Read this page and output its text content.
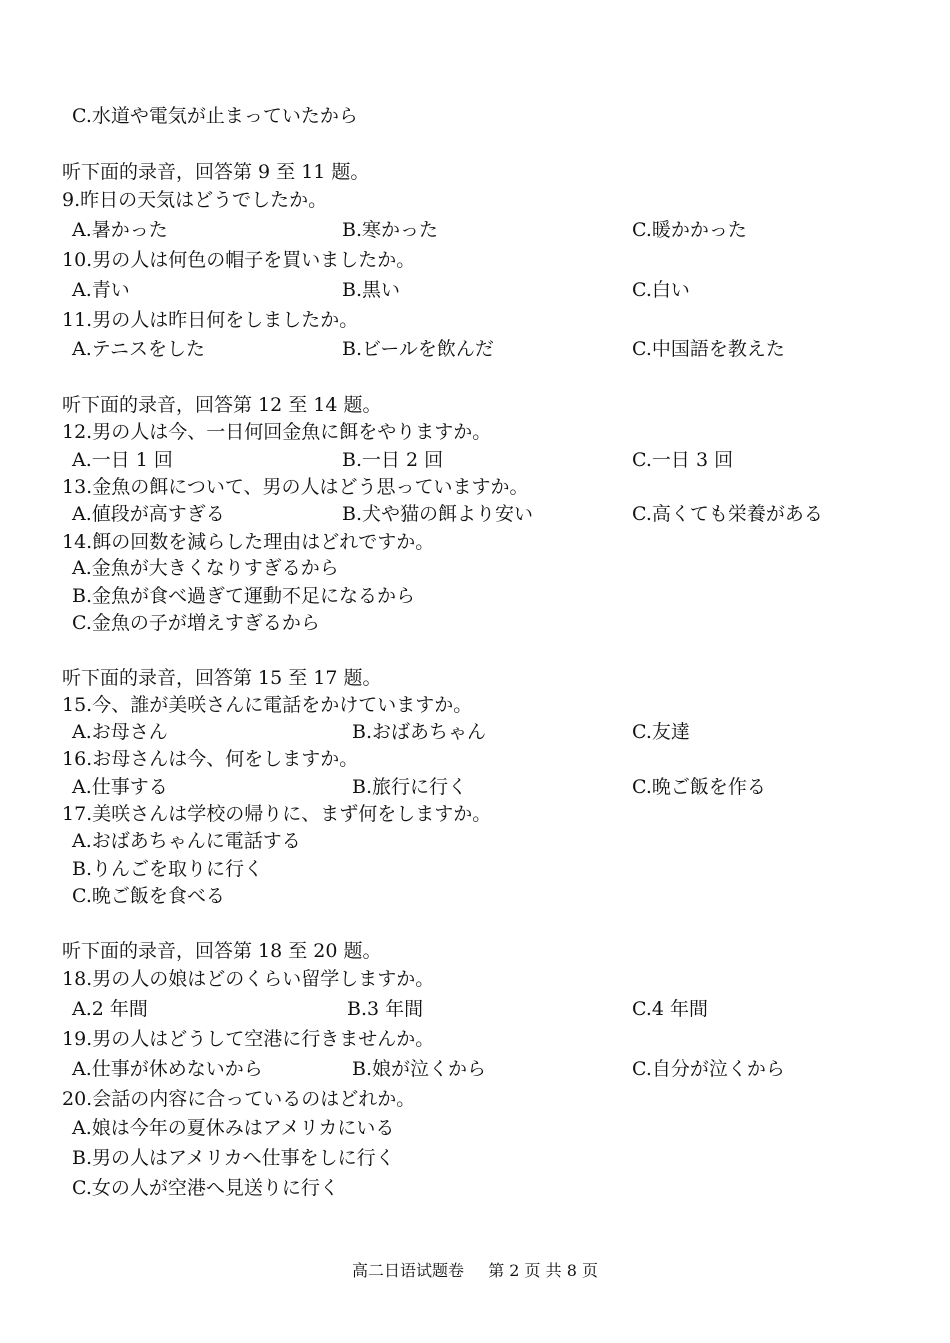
C.水道や電気が止まっていたから
听下面的录音，回答第 9 至 11 题。
9.昨日の天気はどうでしたか。
A.暑かった	B.寒かった	C.暖かかった
10.男の人は何色の帽子を買いましたか。
A.青い	B.黒い	C.白い
11.男の人は昨日何をしましたか。
A.テニスをした	B.ビールを飲んだ	C.中国語を教えた
听下面的录音，回答第 12 至 14 题。
12.男の人は今、一日何回金魚に餌をやりますか。
A.一日 1 回	B.一日 2 回	C.一日 3 回
13.金魚の餌について、男の人はどう思っていますか。
A.値段が高すぎる	B.犬や猫の餌より安い	C.高くても栄養がある
14.餌の回数を減らした理由はどれですか。
A.金魚が大きくなりすぎるから
B.金魚が食べ過ぎて運動不足になるから
C.金魚の子が増えすぎるから
听下面的录音，回答第 15 至 17 题。
15.今、誰が美咲さんに電話をかけていますか。
A.お母さん	B.おばあちゃん	C.友達
16.お母さんは今、何をしますか。
A.仕事する	B.旅行に行く	C.晩ご飯を作る
17.美咲さんは学校の帰りに、まず何をしますか。
A.おばあちゃんに電話する
B.りんごを取りに行く
C.晩ご飯を食べる
听下面的录音，回答第 18 至 20 题。
18.男の人の娘はどのくらい留学しますか。
A.2 年間	B.3 年間	C.4 年間
19.男の人はどうして空港に行きませんか。
A.仕事が休めないから	B.娘が泣くから	C.自分が泣くから
20.会話の内容に合っているのはどれか。
A.娘は今年の夏休みはアメリカにいる
B.男の人はアメリカへ仕事をしに行く
C.女の人が空港へ見送りに行く
高二日语试题卷 第 2 页 共 8 页
